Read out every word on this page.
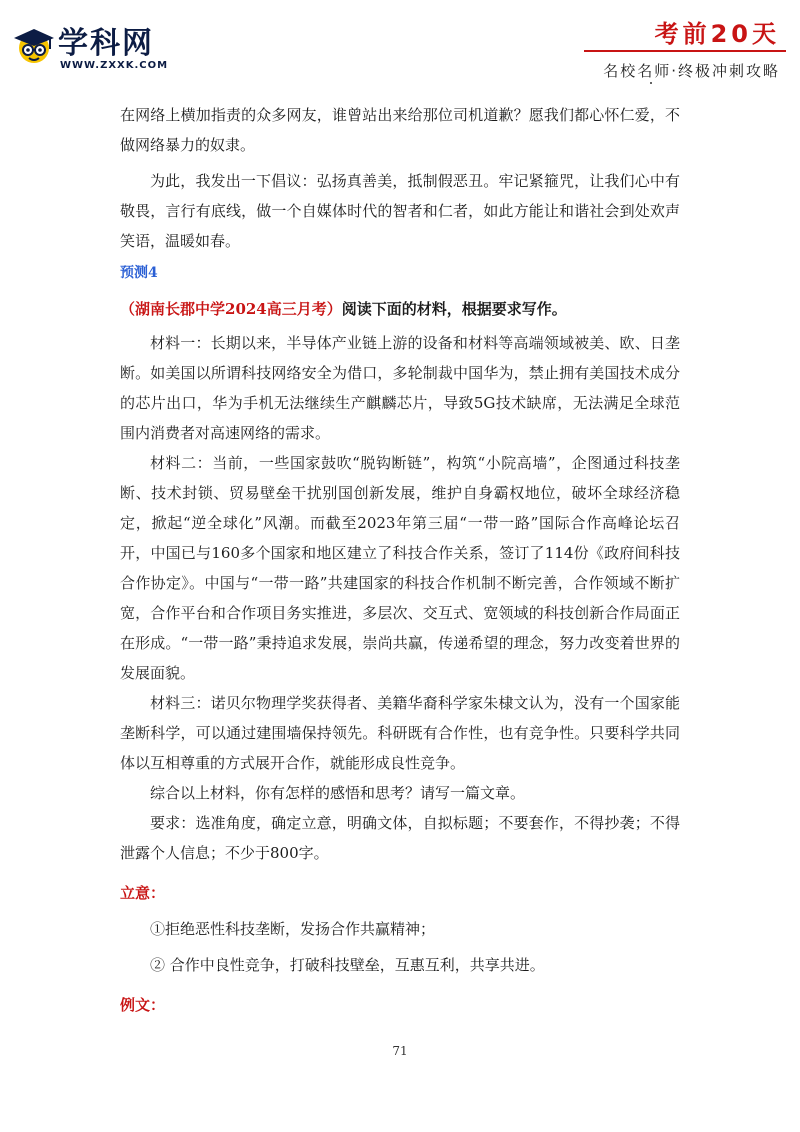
学科网
WWW.ZXXK.COM
考前20天
名校名师·终极冲刺攻略

在网络上横加指责的众多网友，谁曾站出来给那位司机道歉？愿我们都心怀仁爱，不做网络暴力的奴隶。

为此，我发出一下倡议：弘扬真善美，抵制假恶丑。牢记紧箍咒，让我们心中有敬畏，言行有底线，做一个自媒体时代的智者和仁者，如此方能让和谐社会到处欢声笑语，温暖如春。

预测4

（湖南长郡中学2024高三月考）阅读下面的材料，根据要求写作。

材料一：长期以来，半导体产业链上游的设备和材料等高端领域被美、欧、日垄断。如美国以所谓科技网络安全为借口，多轮制裁中国华为，禁止拥有美国技术成分的芯片出口，华为手机无法继续生产麒麟芯片，导致5G技术缺席，无法满足全球范围内消费者对高速网络的需求。

材料二：当前，一些国家鼓吹“脱钩断链”，构筑“小院高墙”，企图通过科技垄断、技术封锁、贸易壁垒干扰别国创新发展，维护自身霸权地位，破坏全球经济稳定，掀起“逆全球化”风潮。而截至2023年第三届“一带一路”国际合作高峰论坛召开，中国已与160多个国家和地区建立了科技合作关系，签订了114份《政府间科技合作协定》。中国与“一带一路”共建国家的科技合作机制不断完善，合作领域不断扩宽，合作平台和合作项目务实推进，多层次、交互式、宽领域的科技创新合作局面正在形成。“一带一路”秉持追求发展，崇尚共赢，传递希望的理念，努力改变着世界的发展面貌。

材料三：诺贝尔物理学奖获得者、美籍华裔科学家朱棣文认为，没有一个国家能垄断科学，可以通过建围墙保持领先。科研既有合作性，也有竞争性。只要科学共同体以互相尊重的方式展开合作，就能形成良性竞争。

综合以上材料，你有怎样的感悟和思考？请写一篇文章。

要求：选准角度，确定立意，明确文体，自拟标题；不要套作，不得抄袭；不得泄露个人信息；不少于800字。

立意：

①拒绝恶性科技垄断，发扬合作共赢精神；

② 合作中良性竞争，打破科技壁垒，互惠互利，共享共进。

例文：

71
